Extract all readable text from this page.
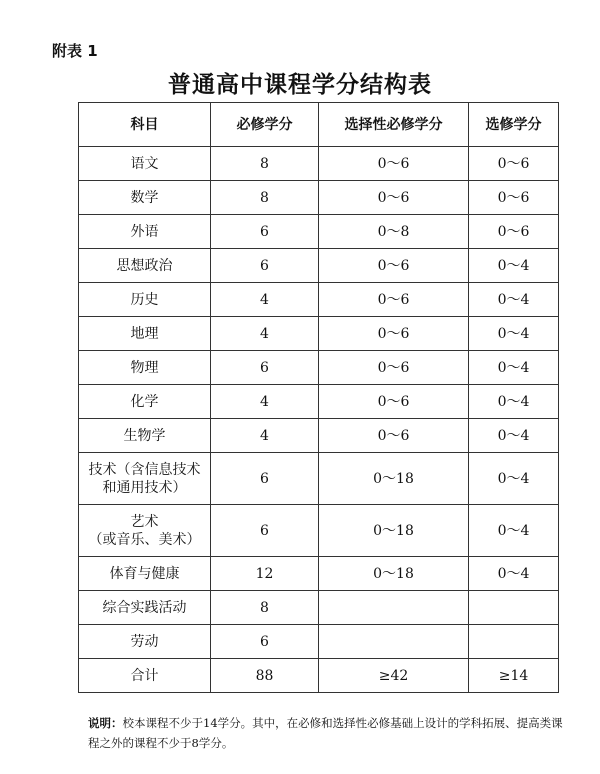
附表 1
普通高中课程学分结构表
科目	必修学分	选择性必修学分	选修学分
语文	8	0～6	0～6
数学	8	0～6	0～6
外语	6	0～8	0～6
思想政治	6	0～6	0～4
历史	4	0～6	0～4
地理	4	0～6	0～4
物理	6	0～6	0～4
化学	4	0～6	0～4
生物学	4	0～6	0～4

技术（含信息技术
和通用技术）	6	0～18	0～4

艺术
（或音乐、美术）	6	0～18	0～4
体育与健康	12	0～18	0～4
综合实践活动	8		
劳动	6		
合计	88	≥42	≥14
说明：校本课程不少于14学分。其中，在必修和选择性必修基础上设计的学科拓展、提高类课程之外的课程不少于8学分。
